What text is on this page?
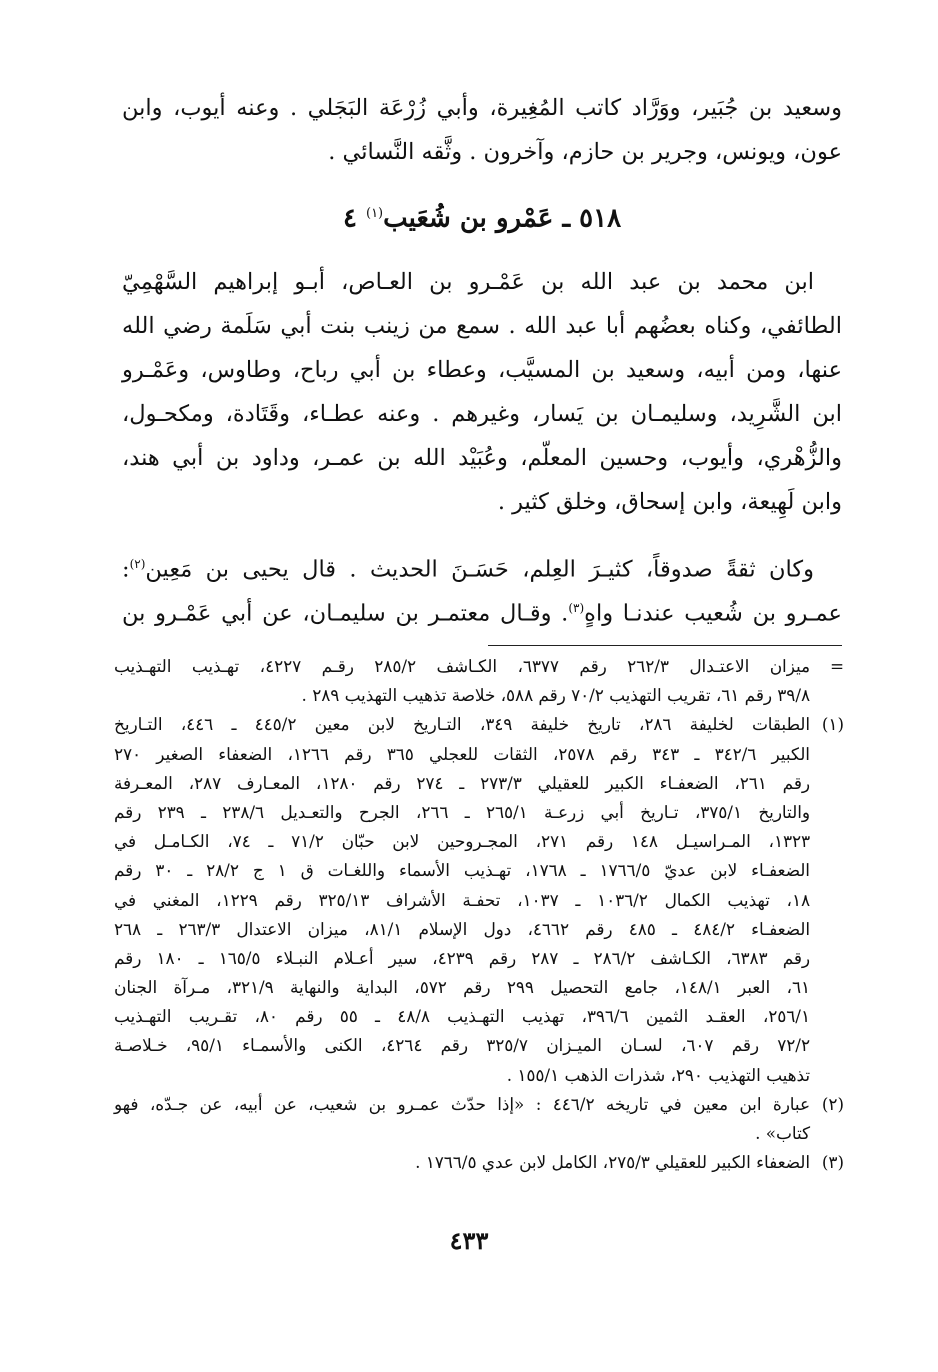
وسعيد بن جُبَير، ووَرَّاد كاتب المُغِيرة، وأبي زُرْعَة البَجَلي . وعنه أيوب، وابن
عون، ويونس، وجرير بن حازم، وآخرون . وثَّقه النَّسائي .
٥١٨ ـ عَمْرو بن شُعَيب$^{(١)}$ ٤
ابن محمد بن عبد الله بن عَمْـرو بن العـاص، أبـو إبراهيم السَّهْمِيّ
الطائفي، وكناه بعضُهم أبا عبد الله . سمع من زينب بنت أبي سَلَمة رضي الله
عنها، ومن أبيه، وسعيد بن المسيَّب، وعطاء بن أبي رباح، وطاوس، وعَمْـرو
ابن الشَّرِيد، وسليمـان بن يَسار، وغيرهم . وعنه عطـاء، وقَتَادة، ومكحـول،
والزُّهْري، وأيوب، وحسين المعلّم، وعُبَيْد الله بن عمـر، وداود بن أبي هند،
وابن لَهِيعة، وابن إسحاق، وخلق كثير .
وكان ثقةً صدوقاً، كثيـرَ العِلم، حَسَـنَ الحديث . قال يحيى بن مَعِين$^{(٢)}$:
عمـرو بن شُعيب عندنـا واهٍ$^{(٣)}$. وقـال معتمـر بن سليمـان، عن أبي عَمْـرو بن
=
ميزان الاعتـدال ٢٦٢/٣ رقم ٦٣٧٧، الكـاشف ٢٨٥/٢ رقـم ٤٢٢٧، تهـذيب التهـذيب
٣٩/٨ رقم ٦١، تقريب التهذيب ٧٠/٢ رقم ٥٨٨، خلاصة تذهيب التهذيب ٢٨٩ .
(١)
الطبقات لخليفة ٢٨٦، تاريخ خليفة ٣٤٩، التـاريخ لابن معين ٤٤٥/٢ ـ ٤٤٦، التـاريخ
الكبير ٣٤٢/٦ ـ ٣٤٣ رقم ٢٥٧٨، الثقات للعجلي ٣٦٥ رقم ١٢٦٦، الضعفاء الصغير ٢٧٠
رقم ٢٦١، الضعفـاء الكبير للعقيلي ٢٧٣/٣ ـ ٢٧٤ رقم ١٢٨٠، المعـارف ٢٨٧، المعـرفة
والتاريخ ٣٧٥/١، تـاريخ أبي زرعـة ٢٦٥/١ ـ ٢٦٦، الجرح والتعـديل ٢٣٨/٦ ـ ٢٣٩ رقم
١٣٢٣، المـراسيـل ١٤٨ رقم ٢٧١، المجـروحين لابن حبّان ٧١/٢ ـ ٧٤، الكـامـل في
الضعفـاء لابن عديّ ١٧٦٦/٥ ـ ١٧٦٨، تهـذيب الأسماء واللغـات ق ١ ج ٢٨/٢ ـ ٣٠ رقم
١٨، تهذيب الكمال ١٠٣٦/٢ ـ ١٠٣٧، تحفـة الأشراف ٣٢٥/١٣ رقم ١٢٢٩، المغني في
الضعفـاء ٤٨٤/٢ ـ ٤٨٥ رقم ٤٦٦٢، دول الإسلام ٨١/١، ميزان الاعتدال ٢٦٣/٣ ـ ٢٦٨
رقم ٦٣٨٣، الكـاشف ٢٨٦/٢ ـ ٢٨٧ رقم ٤٢٣٩، سير أعـلام النبـلاء ١٦٥/٥ ـ ١٨٠ رقم
٦١، العبر ١٤٨/١، جامع التحصيل ٢٩٩ رقم ٥٧٢، البداية والنهاية ٣٢١/٩، مـرآة الجنان
٢٥٦/١، العقـد الثمين ٣٩٦/٦، تهذيب التهـذيب ٤٨/٨ ـ ٥٥ رقم ٨٠، تقـريب التهـذيب
٧٢/٢ رقم ٦٠٧، لسـان الميـزان ٣٢٥/٧ رقم ٤٢٦٤، الكنى والأسمـاء ٩٥/١، خـلاصـة
تذهيب التهذيب ٢٩٠، شذرات الذهب ١٥٥/١ .
(٢)
عبارة ابن معين في تاريخه ٤٤٦/٢ : «إذا حدّث عمـرو بن شعيب، عن أبيه، عن جـدّه، فهو
كتاب» .
(٣)
الضعفاء الكبير للعقيلي ٢٧٥/٣، الكامل لابن عدي ١٧٦٦/٥ .
٤٣٣
